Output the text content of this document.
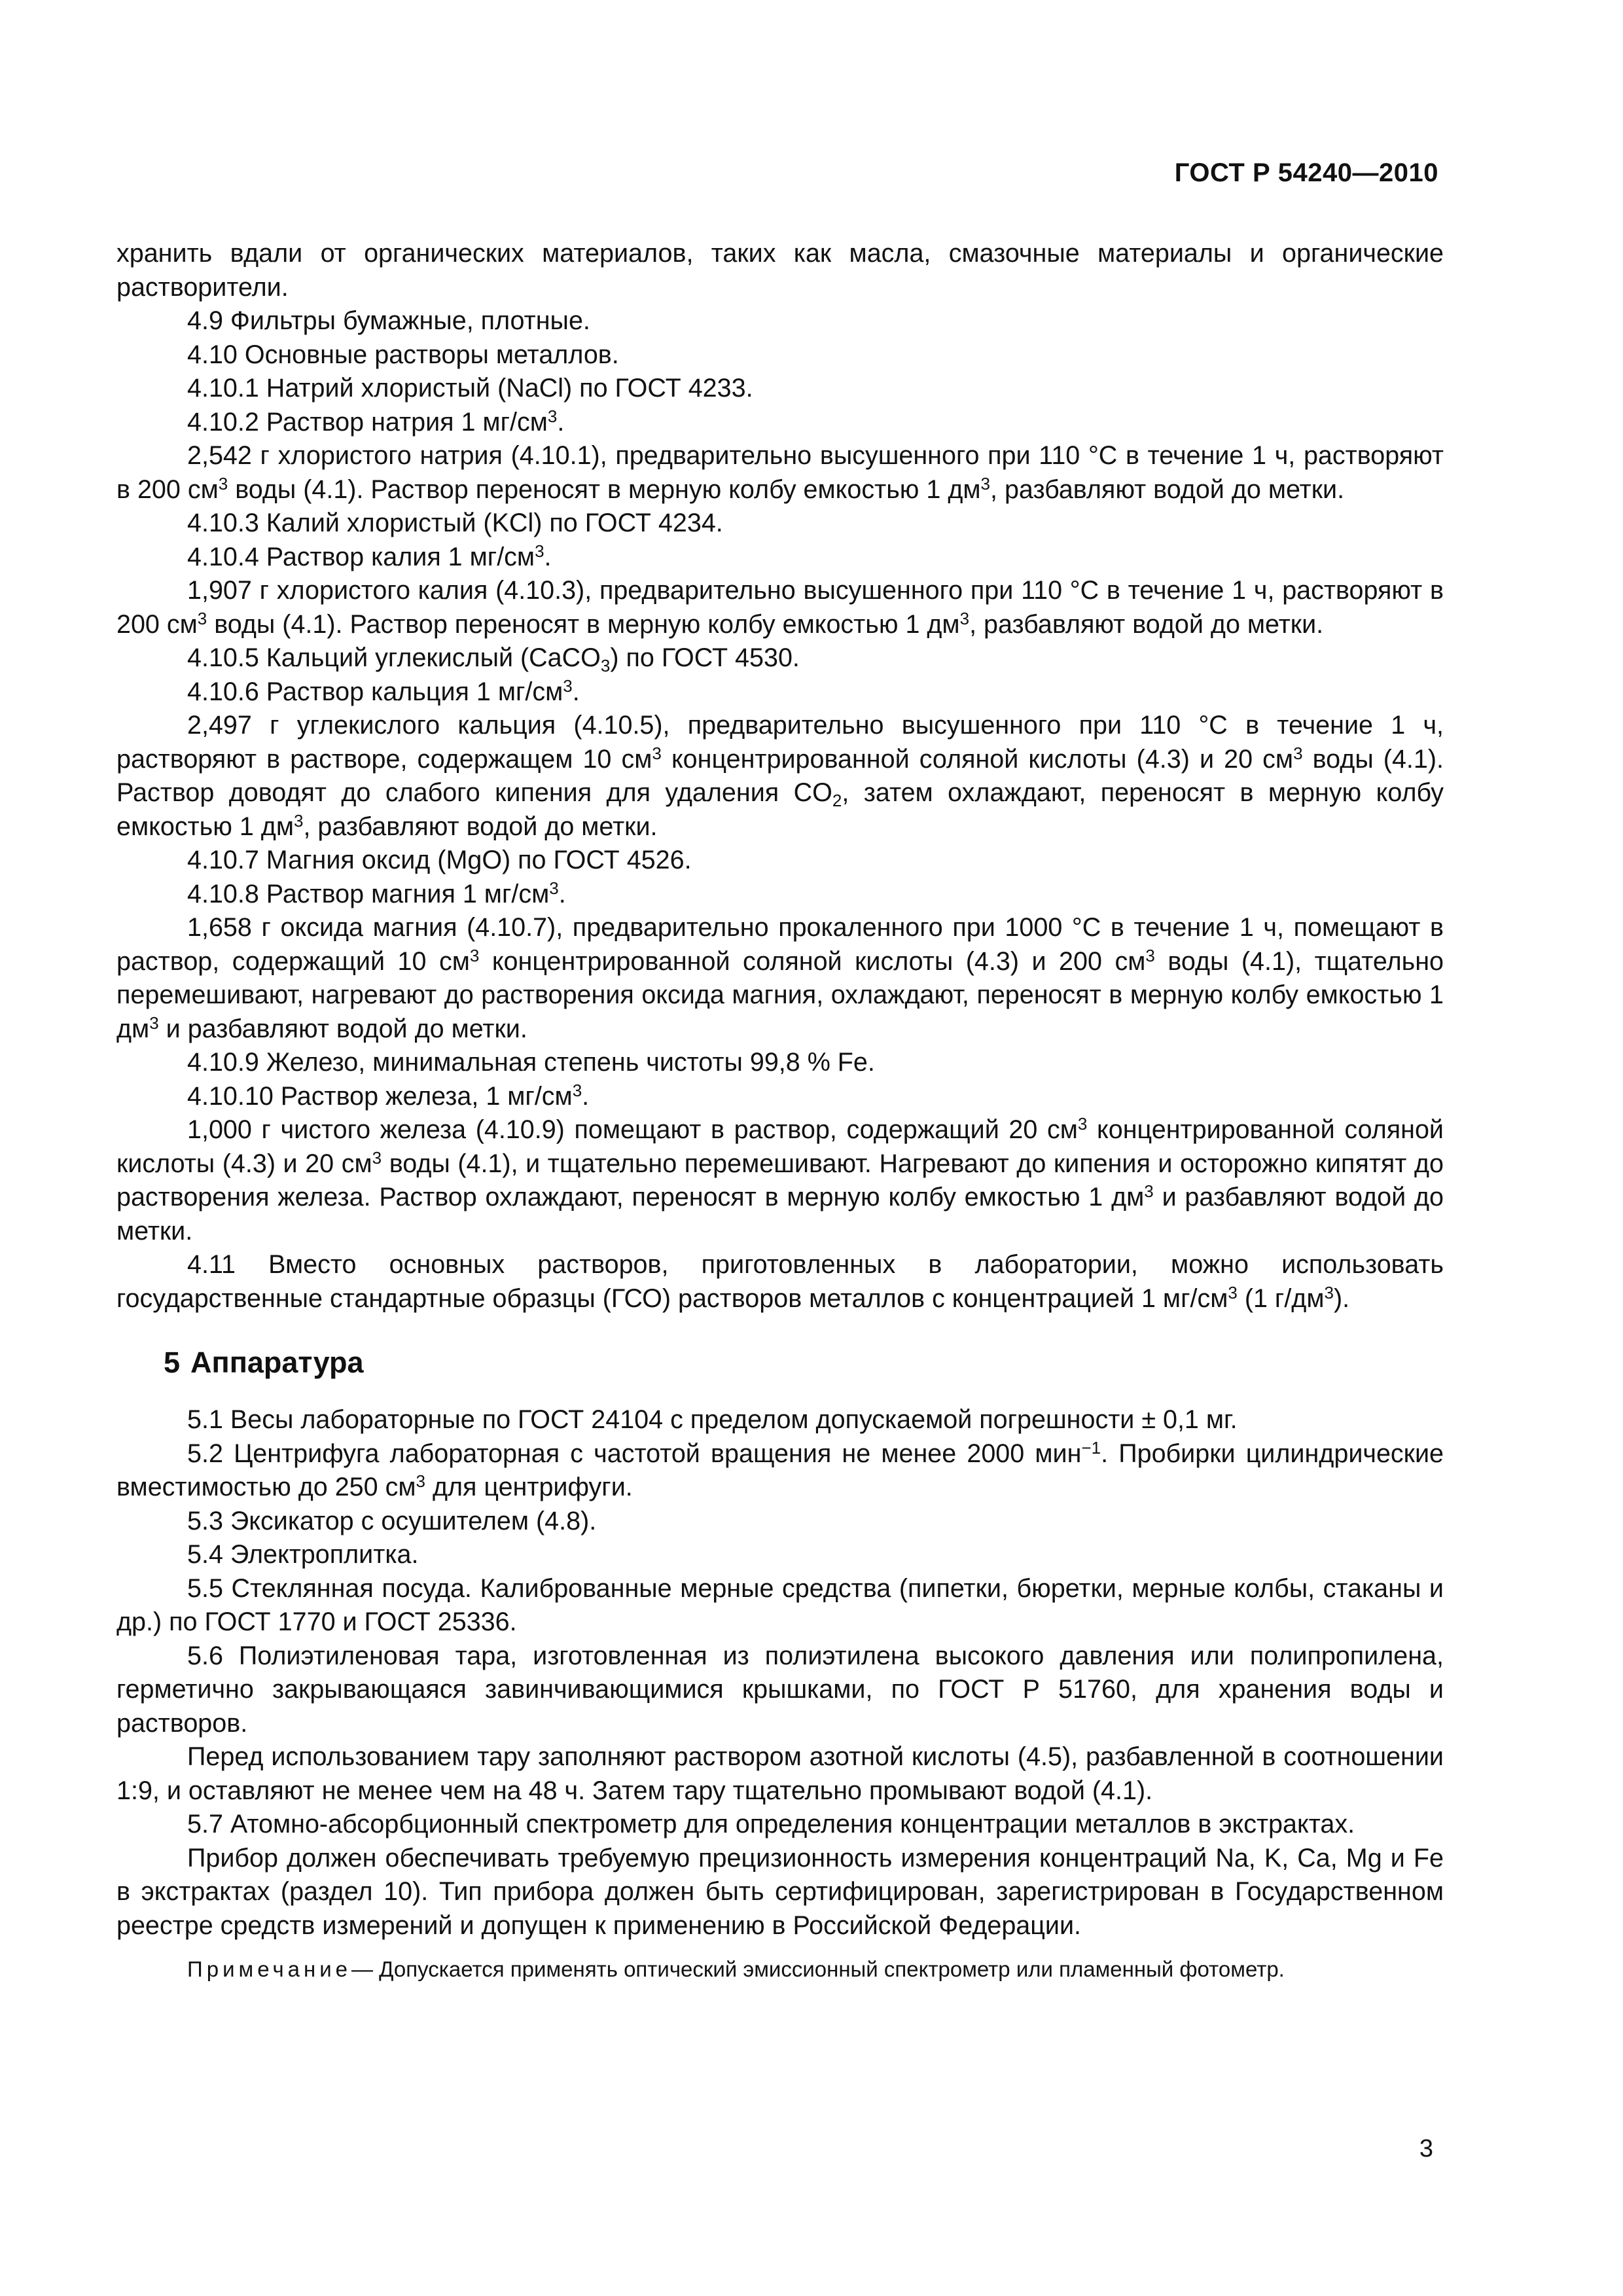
ГОСТ Р 54240—2010

хранить вдали от органических материалов, таких как масла, смазочные материалы и органические растворители.

4.9 Фильтры бумажные, плотные.

4.10 Основные растворы металлов.

4.10.1 Натрий хлористый (NaCl) по ГОСТ 4233.

4.10.2 Раствор натрия 1 $мг/см^3$.

2,542 г хлористого натрия (4.10.1), предварительно высушенного при 110 °С в течение 1 ч, растворяют в 200 $см^3$ воды (4.1). Раствор переносят в мерную колбу емкостью 1 $дм^3$, разбавляют водой до метки.

4.10.3 Калий хлористый (KCl) по ГОСТ 4234.

4.10.4 Раствор калия 1 $мг/см^3$.

1,907 г хлористого калия (4.10.3), предварительно высушенного при 110 °С в течение 1 ч, растворяют в 200 $см^3$ воды (4.1). Раствор переносят в мерную колбу емкостью 1 $дм^3$, разбавляют водой до метки.

4.10.5 Кальций углекислый (CaCO$_3$) по ГОСТ 4530.

4.10.6 Раствор кальция 1 $мг/см^3$.

2,497 г углекислого кальция (4.10.5), предварительно высушенного при 110 °С в течение 1 ч, растворяют в растворе, содержащем 10 $см^3$ концентрированной соляной кислоты (4.3) и 20 $см^3$ воды (4.1). Раствор доводят до слабого кипения для удаления $CO_2$, затем охлаждают, переносят в мерную колбу емкостью 1 $дм^3$, разбавляют водой до метки.

4.10.7 Магния оксид (MgO) по ГОСТ 4526.

4.10.8 Раствор магния 1 $мг/см^3$.

1,658 г оксида магния (4.10.7), предварительно прокаленного при 1000 °С в течение 1 ч, помещают в раствор, содержащий 10 $см^3$ концентрированной соляной кислоты (4.3) и 200 $см^3$ воды (4.1), тщательно перемешивают, нагревают до растворения оксида магния, охлаждают, переносят в мерную колбу емкостью 1 $дм^3$ и разбавляют водой до метки.

4.10.9 Железо, минимальная степень чистоты 99,8 % Fe.

4.10.10 Раствор железа, 1 $мг/см^3$.

1,000 г чистого железа (4.10.9) помещают в раствор, содержащий 20 $см^3$ концентрированной соляной кислоты (4.3) и 20 $см^3$ воды (4.1), и тщательно перемешивают. Нагревают до кипения и осторожно кипятят до растворения железа. Раствор охлаждают, переносят в мерную колбу емкостью 1 $дм^3$ и разбавляют водой до метки.

4.11 Вместо основных растворов, приготовленных в лаборатории, можно использовать государственные стандартные образцы (ГСО) растворов металлов с концентрацией 1 $мг/см^3$ (1 $г/дм^3$).

5 Аппаратура

5.1 Весы лабораторные по ГОСТ 24104 с пределом допускаемой погрешности ± 0,1 мг.

5.2 Центрифуга лабораторная с частотой вращения не менее 2000 мин$^{-1}$. Пробирки цилиндрические вместимостью до 250 $см^3$ для центрифуги.

5.3 Эксикатор с осушителем (4.8).

5.4 Электроплитка.

5.5 Стеклянная посуда. Калиброванные мерные средства (пипетки, бюретки, мерные колбы, стаканы и др.) по ГОСТ 1770 и ГОСТ 25336.

5.6 Полиэтиленовая тара, изготовленная из полиэтилена высокого давления или полипропилена, герметично закрывающаяся завинчивающимися крышками, по ГОСТ Р 51760, для хранения воды и растворов.

Перед использованием тару заполняют раствором азотной кислоты (4.5), разбавленной в соотношении 1:9, и оставляют не менее чем на 48 ч. Затем тару тщательно промывают водой (4.1).

5.7 Атомно-абсорбционный спектрометр для определения концентрации металлов в экстрактах.

Прибор должен обеспечивать требуемую прецизионность измерения концентраций Na, K, Ca, Mg и Fe в экстрактах (раздел 10). Тип прибора должен быть сертифицирован, зарегистрирован в Государственном реестре средств измерений и допущен к применению в Российской Федерации.

Примечание— Допускается применять оптический эмиссионный спектрометр или пламенный фотометр.

3
